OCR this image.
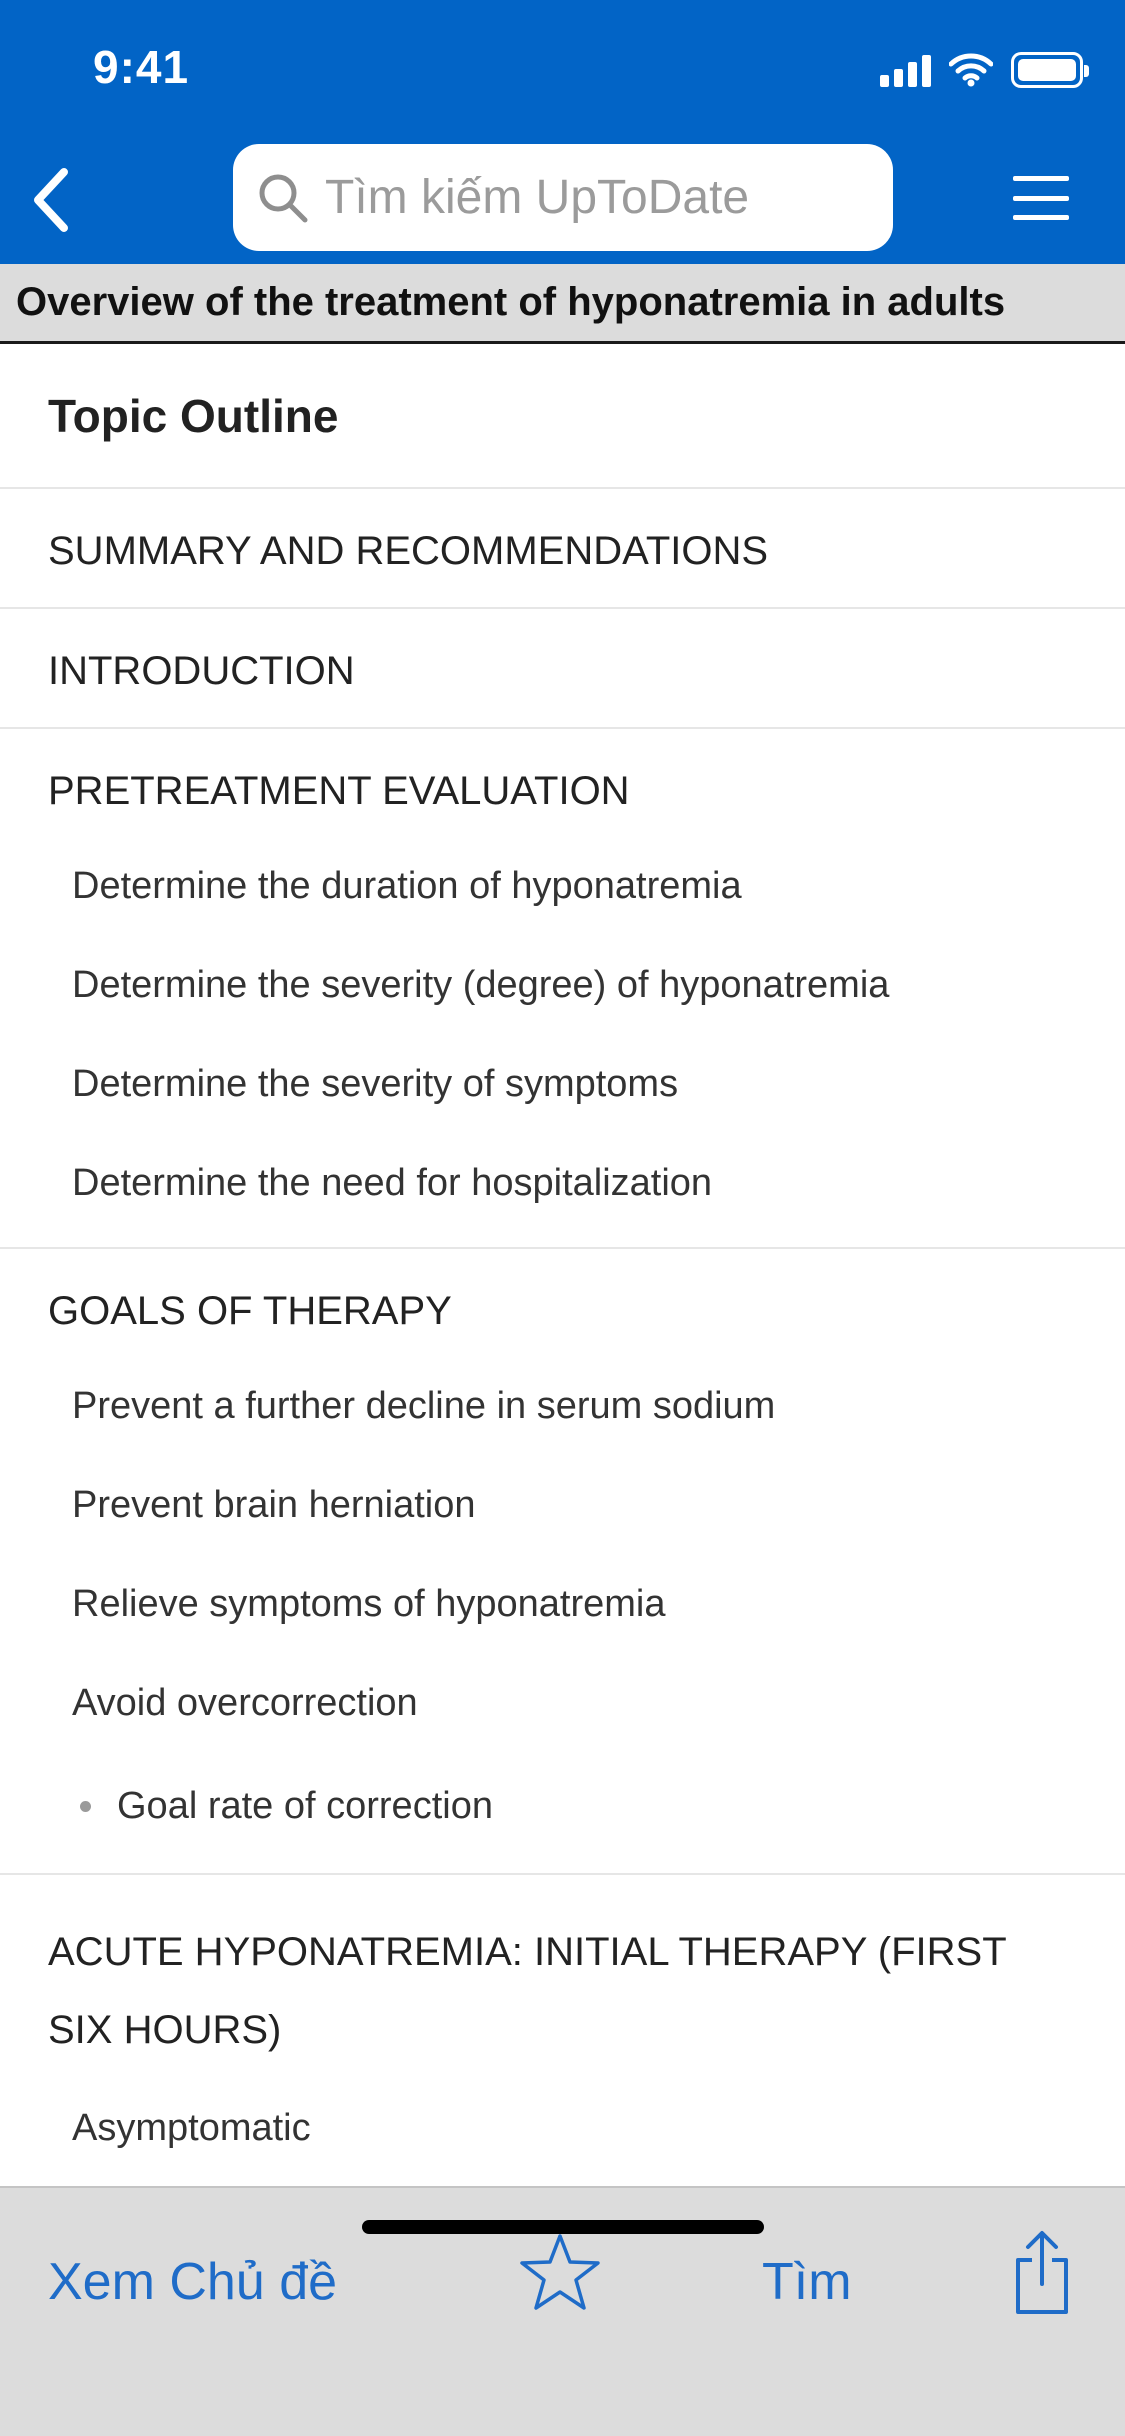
9:41
Tìm kiếm UpToDate
Overview of the treatment of hyponatremia in adults
Topic Outline
SUMMARY AND RECOMMENDATIONS
INTRODUCTION
PRETREATMENT EVALUATION
Determine the duration of hyponatremia
Determine the severity (degree) of hyponatremia
Determine the severity of symptoms
Determine the need for hospitalization
GOALS OF THERAPY
Prevent a further decline in serum sodium
Prevent brain herniation
Relieve symptoms of hyponatremia
Avoid overcorrection
Goal rate of correction
ACUTE HYPONATREMIA: INITIAL THERAPY (FIRST SIX HOURS)
Asymptomatic
Xem Chủ đề	Tìm
